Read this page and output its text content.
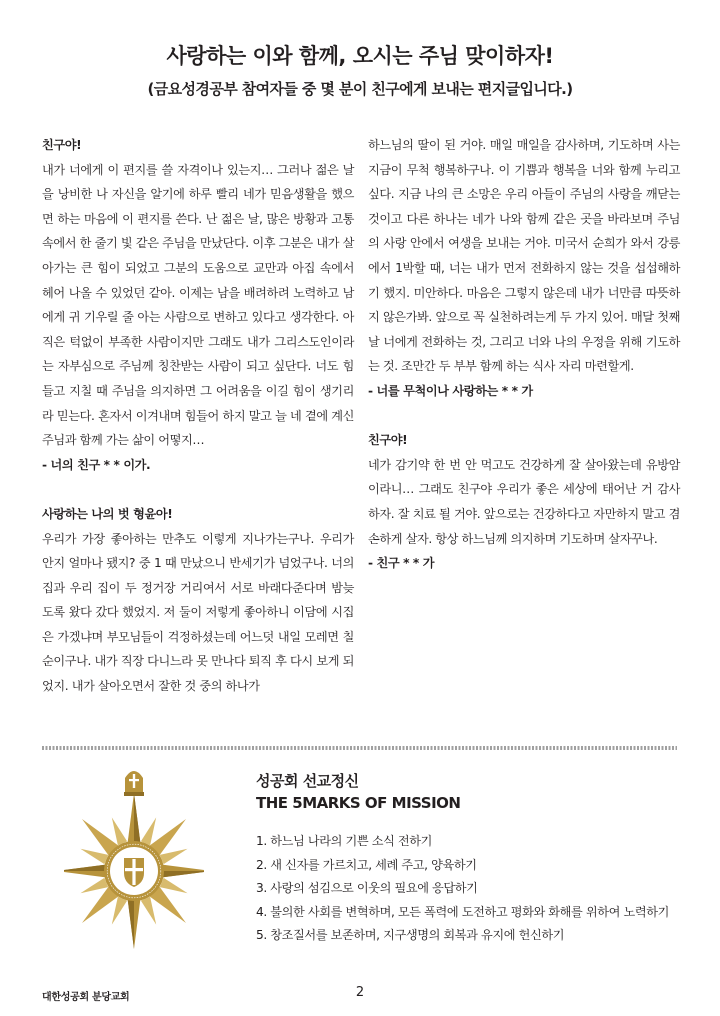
사랑하는 이와 함께, 오시는 주님 맞이하자!
(금요성경공부 참여자들 중 몇 분이 친구에게 보내는 편지글입니다.)

친구야!

내가 너에게 이 편지를 쓸 자격이나 있는지… 그러나 젊은 날을 낭비한 나 자신을 알기에 하루 빨리 네가 믿음생활을 했으면 하는 마음에 이 편지를 쓴다. 난 젊은 날, 많은 방황과 고통 속에서 한 줄기 빛 같은 주님을 만났단다. 이후 그분은 내가 살아가는 큰 힘이 되었고 그분의 도움으로 교만과 아집 속에서 헤어 나올 수 있었던 같아. 이제는 남을 배려하려 노력하고 남에게 귀 기우릴 줄 아는 사람으로 변하고 있다고 생각한다. 아직은 턱없이 부족한 사람이지만 그래도 내가 그리스도인이라는 자부심으로 주님께 칭찬받는 사람이 되고 싶단다. 너도 힘들고 지칠 때 주님을 의지하면 그 어려움을 이길 힘이 생기리라 믿는다. 혼자서 이겨내며 힘들어 하지 말고 늘 네 곁에 계신 주님과 함께 가는 삶이 어떻지…

- 너의 친구 * * 이가.

사랑하는 나의 벗 형윤아!

우리가 가장 좋아하는 만추도 이렇게 지나가는구나. 우리가 안지 얼마나 됐지? 중 1 때 만났으니 반세기가 넘었구나. 너의 집과 우리 집이 두 정거장 거리여서 서로 바래다준다며 밤늦도록 왔다 갔다 했었지. 저 둘이 저렇게 좋아하니 이담에 시집은 가겠냐며 부모님들이 걱정하셨는데 어느덧 내일 모레면 칠순이구나. 내가 직장 다니느라 못 만나다 퇴직 후 다시 보게 되었지. 내가 살아오면서 잘한 것 중의 하나가

하느님의 딸이 된 거야. 매일 매일을 감사하며, 기도하며 사는 지금이 무척 행복하구나. 이 기쁨과 행복을 너와 함께 누리고 싶다. 지금 나의 큰 소망은 우리 아들이 주님의 사랑을 깨닫는 것이고 다른 하나는 네가 나와 함께 같은 곳을 바라보며 주님의 사랑 안에서 여생을 보내는 거야. 미국서 순희가 와서 강릉에서 1박할 때, 너는 내가 먼저 전화하지 않는 것을 섭섭해하기 했지. 미안하다. 마음은 그렇지 않은데 내가 너만큼 따뜻하지 않은가봐. 앞으로 꼭 실천하려는게 두 가지 있어. 매달 첫째 날 너에게 전화하는 것, 그리고 너와 나의 우정을 위해 기도하는 것. 조만간 두 부부 함께 하는 식사 자리 마련할게.

- 너를 무척이나 사랑하는 * * 가

친구야!

네가 감기약 한 번 안 먹고도 건강하게 잘 살아왔는데 유방암이라니… 그래도 친구야 우리가 좋은 세상에 태어난 거 감사하자. 잘 치료 될 거야. 앞으로는 건강하다고 자만하지 말고 겸손하게 살자. 항상 하느님께 의지하며 기도하며 살자꾸나.

- 친구 * * 가

성공회 선교정신
THE 5MARKS OF MISSION
1. 하느님 나라의 기쁜 소식 전하기
2. 새 신자를 가르치고, 세례 주고, 양육하기
3. 사랑의 섬김으로 이웃의 필요에 응답하기
4. 불의한 사회를 변혁하며, 모든 폭력에 도전하고 평화와 화해를 위하여 노력하기
5. 창조질서를 보존하며, 지구생명의 회복과 유지에 헌신하기
대한성공회 분당교회	2
